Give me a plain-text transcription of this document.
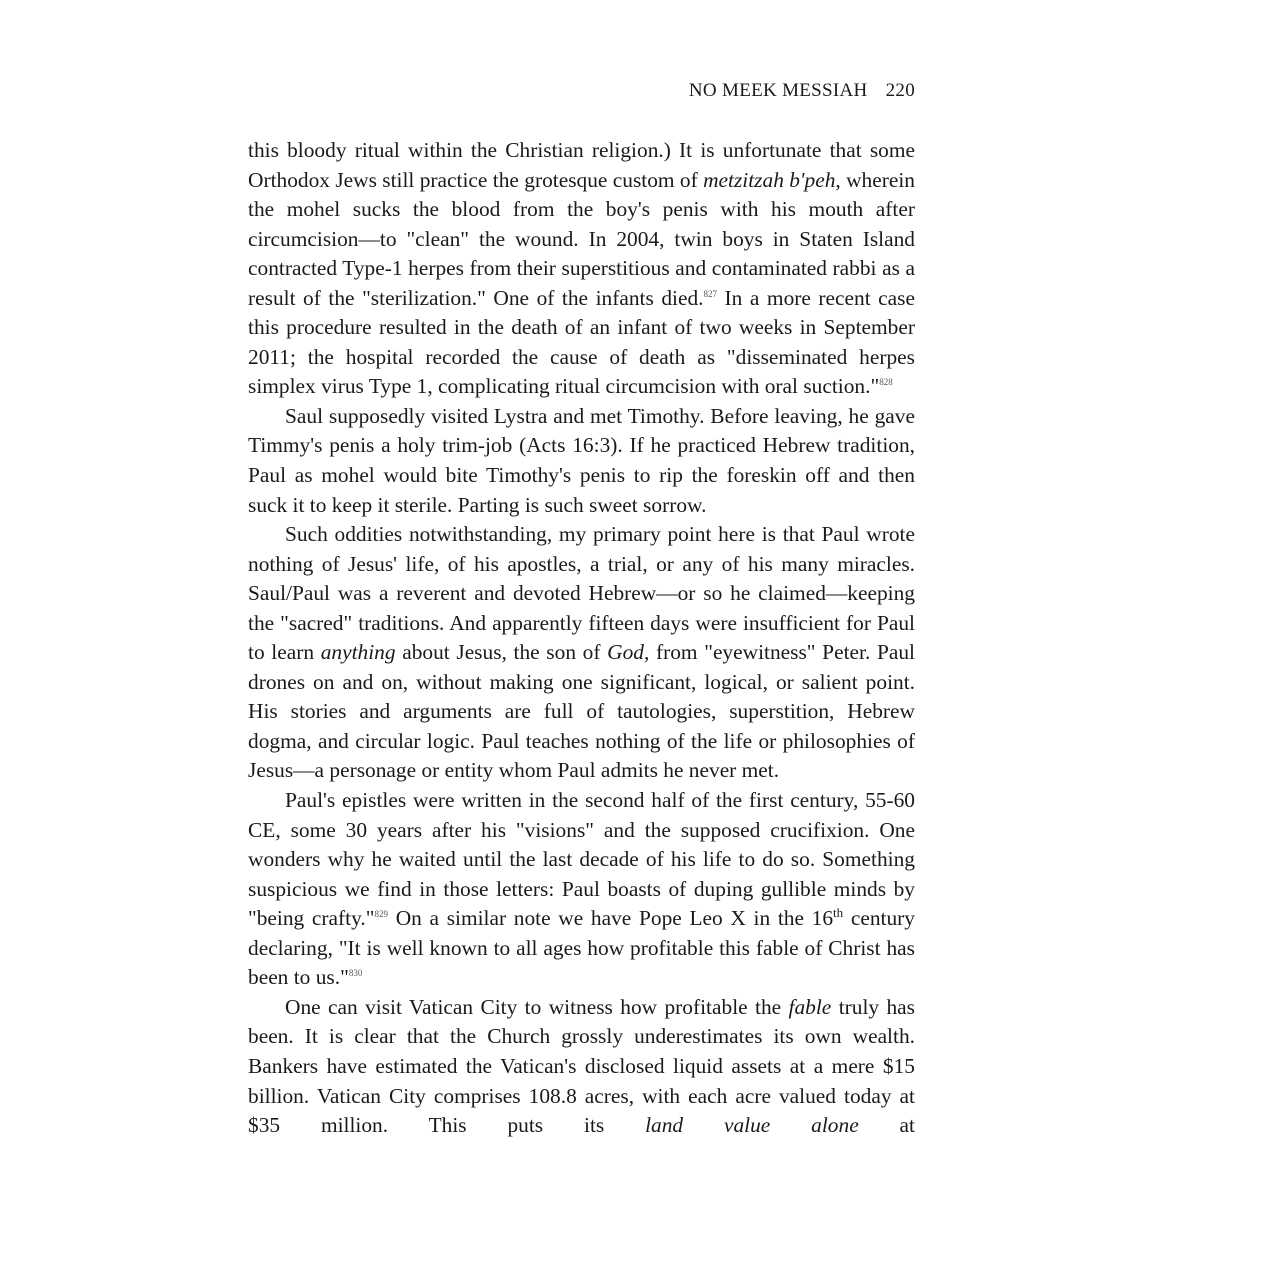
NO MEEK MESSIAH 220

this bloody ritual within the Christian religion.) It is unfortunate that some Orthodox Jews still practice the grotesque custom of metzitzah b'peh, wherein the mohel sucks the blood from the boy's penis with his mouth after circumcision—to "clean" the wound. In 2004, twin boys in Staten Island contracted Type-1 herpes from their superstitious and contaminated rabbi as a result of the "sterilization." One of the infants died.$^{827}$ In a more recent case this procedure resulted in the death of an infant of two weeks in September 2011; the hospital recorded the cause of death as "disseminated herpes simplex virus Type 1, complicating ritual circumcision with oral suction."$^{828}$

Saul supposedly visited Lystra and met Timothy. Before leaving, he gave Timmy's penis a holy trim-job (Acts 16:3). If he practiced Hebrew tradition, Paul as mohel would bite Timothy's penis to rip the foreskin off and then suck it to keep it sterile. Parting is such sweet sorrow.

Such oddities notwithstanding, my primary point here is that Paul wrote nothing of Jesus' life, of his apostles, a trial, or any of his many miracles. Saul/Paul was a reverent and devoted Hebrew—or so he claimed—keeping the "sacred" traditions. And apparently fifteen days were insufficient for Paul to learn anything about Jesus, the son of God, from "eyewitness" Peter. Paul drones on and on, without making one significant, logical, or salient point. His stories and arguments are full of tautologies, superstition, Hebrew dogma, and circular logic. Paul teaches nothing of the life or philosophies of Jesus—a personage or entity whom Paul admits he never met.

Paul's epistles were written in the second half of the first century, 55-60 CE, some 30 years after his "visions" and the supposed crucifixion. One wonders why he waited until the last decade of his life to do so. Something suspicious we find in those letters: Paul boasts of duping gullible minds by "being crafty."$^{829}$ On a similar note we have Pope Leo X in the 16th century declaring, "It is well known to all ages how profitable this fable of Christ has been to us."$^{830}$

One can visit Vatican City to witness how profitable the fable truly has been. It is clear that the Church grossly underestimates its own wealth. Bankers have estimated the Vatican's disclosed liquid assets at a mere $15 billion. Vatican City comprises 108.8 acres, with each acre valued today at $35 million. This puts its land value alone at
